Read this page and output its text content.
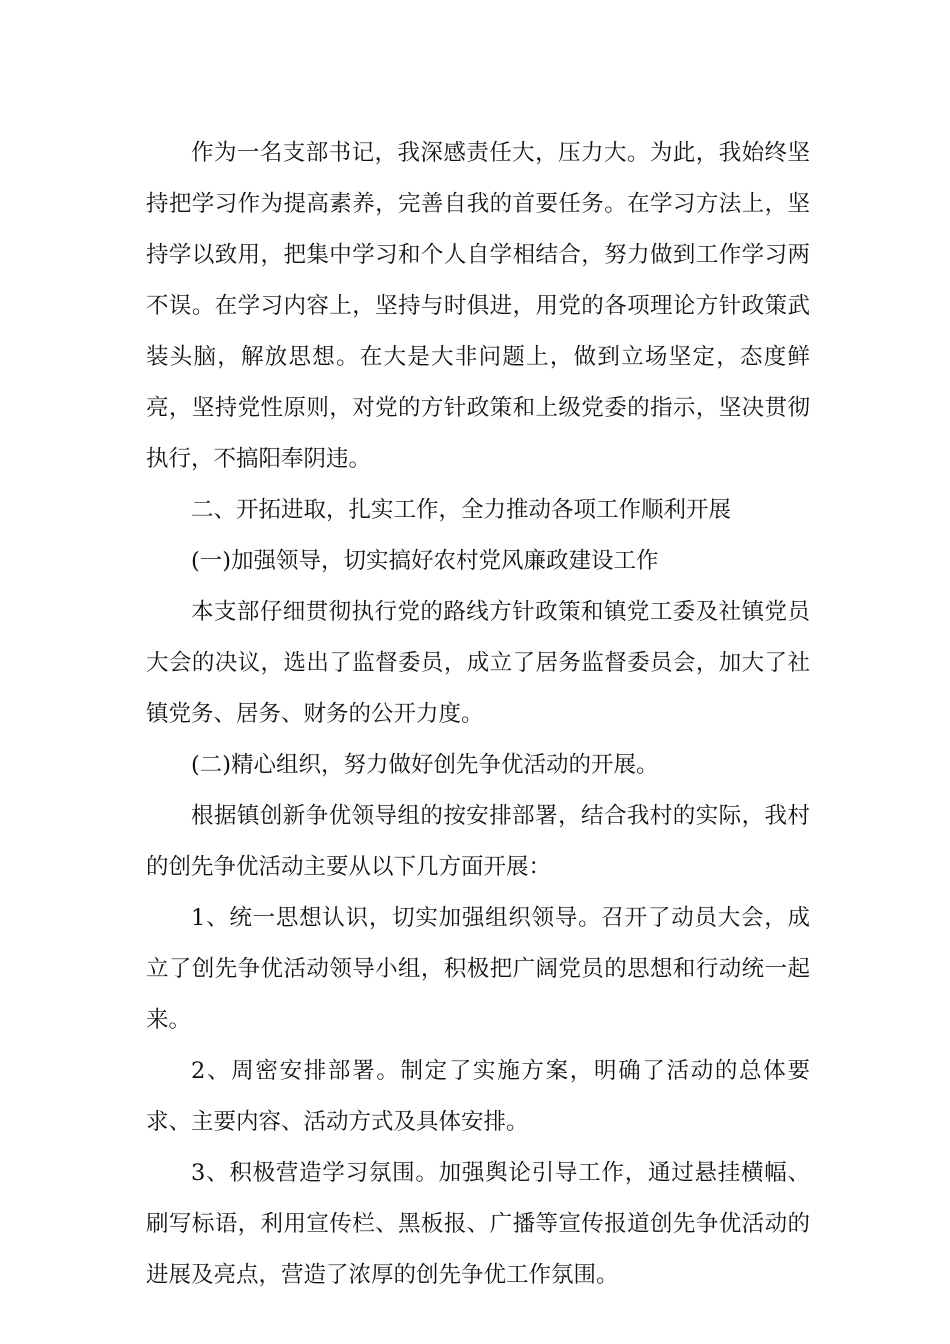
作为一名支部书记，我深感责任大，压力大。为此，我始终坚持把学习作为提高素养，完善自我的首要任务。在学习方法上，坚持学以致用，把集中学习和个人自学相结合，努力做到工作学习两不误。在学习内容上，坚持与时俱进，用党的各项理论方针政策武装头脑，解放思想。在大是大非问题上，做到立场坚定，态度鲜亮，坚持党性原则，对党的方针政策和上级党委的指示，坚决贯彻执行，不搞阳奉阴违。

二、开拓进取，扎实工作，全力推动各项工作顺利开展

(一)加强领导，切实搞好农村党风廉政建设工作

本支部仔细贯彻执行党的路线方针政策和镇党工委及社镇党员大会的决议，选出了监督委员，成立了居务监督委员会，加大了社镇党务、居务、财务的公开力度。

(二)精心组织，努力做好创先争优活动的开展。

根据镇创新争优领导组的按安排部署，结合我村的实际，我村的创先争优活动主要从以下几方面开展：

1、统一思想认识，切实加强组织领导。召开了动员大会，成立了创先争优活动领导小组，积极把广阔党员的思想和行动统一起来。

2、周密安排部署。制定了实施方案，明确了活动的总体要求、主要内容、活动方式及具体安排。

3、积极营造学习氛围。加强舆论引导工作，通过悬挂横幅、刷写标语，利用宣传栏、黑板报、广播等宣传报道创先争优活动的进展及亮点，营造了浓厚的创先争优工作氛围。
